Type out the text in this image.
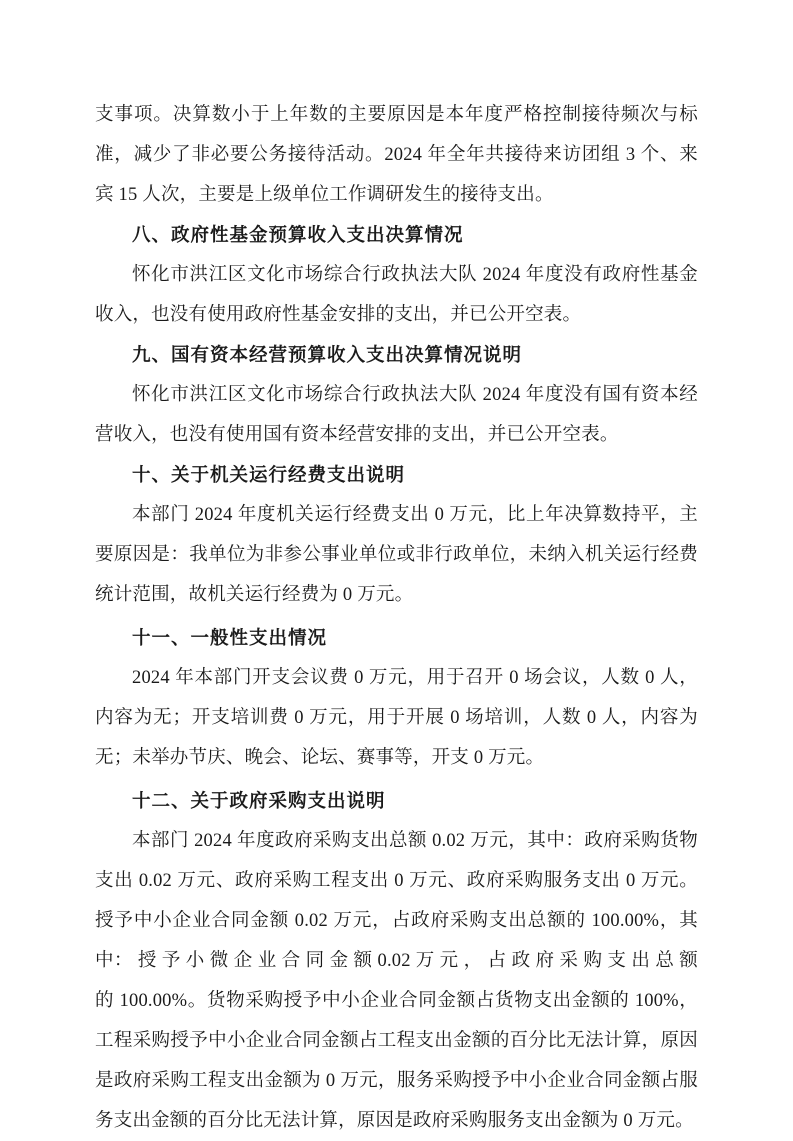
支事项。决算数小于上年数的主要原因是本年度严格控制接待频次与标准，减少了非必要公务接待活动。2024 年全年共接待来访团组 3 个、来宾 15 人次，主要是上级单位工作调研发生的接待支出。

八、政府性基金预算收入支出决算情况

怀化市洪江区文化市场综合行政执法大队 2024 年度没有政府性基金收入，也没有使用政府性基金安排的支出，并已公开空表。

九、国有资本经营预算收入支出决算情况说明

怀化市洪江区文化市场综合行政执法大队 2024 年度没有国有资本经营收入，也没有使用国有资本经营安排的支出，并已公开空表。

十、关于机关运行经费支出说明

本部门 2024 年度机关运行经费支出 0 万元，比上年决算数持平，主要原因是：我单位为非参公事业单位或非行政单位，未纳入机关运行经费统计范围，故机关运行经费为 0 万元。

十一、一般性支出情况

2024 年本部门开支会议费 0 万元，用于召开 0 场会议，人数 0 人，内容为无；开支培训费 0 万元，用于开展 0 场培训，人数 0 人，内容为无；未举办节庆、晚会、论坛、赛事等，开支 0 万元。

十二、关于政府采购支出说明

本部门 2024 年度政府采购支出总额 0.02 万元，其中：政府采购货物支出 0.02 万元、政府采购工程支出 0 万元、政府采购服务支出 0 万元。授予中小企业合同金额 0.02 万元，占政府采购支出总额的 100.00%，其中： 授 予 小 微 企 业 合 同 金 额 0.02 万 元 ， 占 政 府 采 购 支 出 总 额 的 100.00%。货物采购授予中小企业合同金额占货物支出金额的 100%，工程采购授予中小企业合同金额占工程支出金额的百分比无法计算，原因是政府采购工程支出金额为 0 万元，服务采购授予中小企业合同金额占服务支出金额的百分比无法计算，原因是政府采购服务支出金额为 0 万元。
